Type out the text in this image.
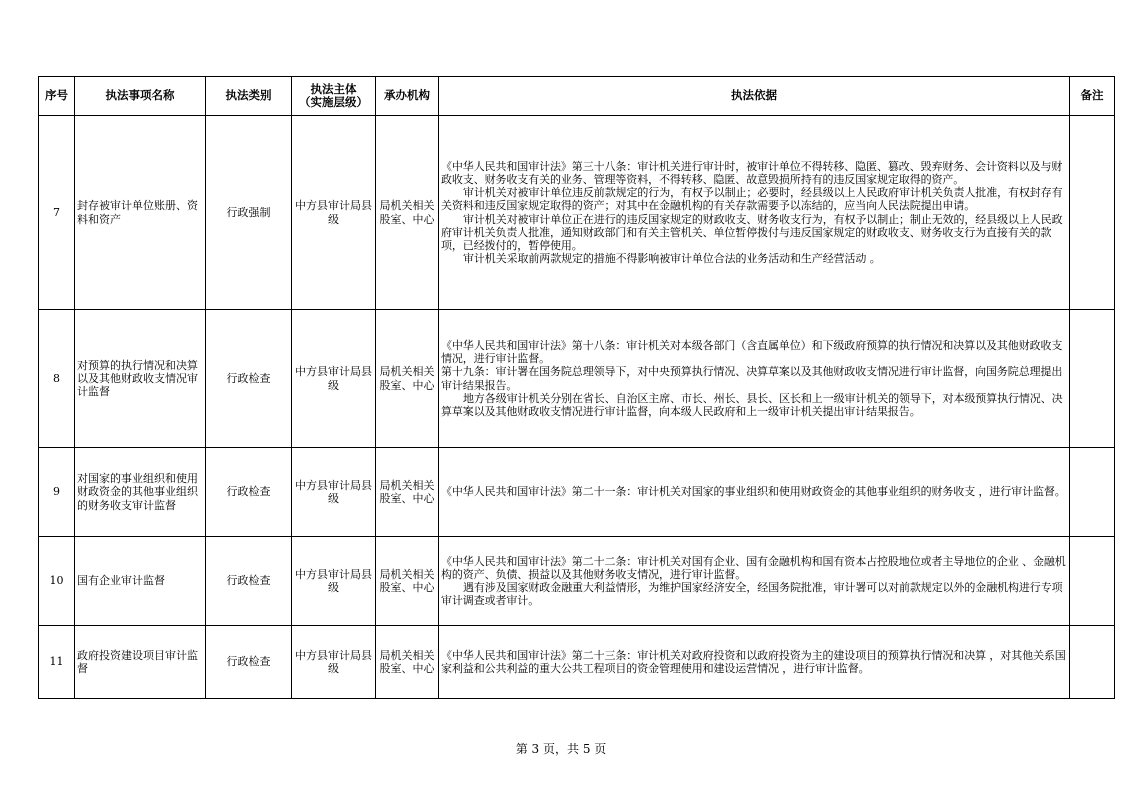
序号	执法事项名称	执法类别	执法主体
（实施层级）	承办机构	执法依据	备注
7	封存被审计单位账册、资料和资产	行政强制	中方县审计局县级	局机关相关股室、中心	《中华人民共和国审计法》第三十八条：审计机关进行审计时，被审计单位不得转移、隐匿、篡改、毁弃财务、会计资料以及与财政收支、财务收支有关的业务、管理等资料，不得转移、隐匿、故意毁损所持有的违反国家规定取得的资产。

审计机关对被审计单位违反前款规定的行为，有权予以制止；必要时，经县级以上人民政府审计机关负责人批准，有权封存有关资料和违反国家规定取得的资产；对其中在金融机构的有关存款需要予以冻结的，应当向人民法院提出申请。

审计机关对被审计单位正在进行的违反国家规定的财政收支、财务收支行为，有权予以制止；制止无效的，经县级以上人民政府审计机关负责人批准，通知财政部门和有关主管机关、单位暂停拨付与违反国家规定的财政收支、财务收支行为直接有关的款项，已经拨付的，暂停使用。

审计机关采取前两款规定的措施不得影响被审计单位合法的业务活动和生产经营活动 。	

8	对预算的执行情况和决算以及其他财政收支情况审计监督	行政检查	中方县审计局县级	局机关相关股室、中心	《中华人民共和国审计法》第十八条：审计机关对本级各部门（含直属单位）和下级政府预算的执行情况和决算以及其他财政收支情况，进行审计监督。

第十九条：审计署在国务院总理领导下，对中央预算执行情况、决算草案以及其他财政收支情况进行审计监督，向国务院总理提出审计结果报告。

地方各级审计机关分别在省长、自治区主席、市长、州长、县长、区长和上一级审计机关的领导下，对本级预算执行情况、决算草案以及其他财政收支情况进行审计监督，向本级人民政府和上一级审计机关提出审计结果报告。	

9	对国家的事业组织和使用财政资金的其他事业组织的财务收支审计监督	行政检查	中方县审计局县级	局机关相关股室、中心	《中华人民共和国审计法》第二十一条：审计机关对国家的事业组织和使用财政资金的其他事业组织的财务收支 ，进行审计监督。	

10	国有企业审计监督	行政检查	中方县审计局县级	局机关相关股室、中心	《中华人民共和国审计法》第二十二条：审计机关对国有企业、国有金融机构和国有资本占控股地位或者主导地位的企业 、金融机构的资产、负债、损益以及其他财务收支情况，进行审计监督。

遇有涉及国家财政金融重大利益情形，为维护国家经济安全，经国务院批准，审计署可以对前款规定以外的金融机构进行专项审计调查或者审计。	

11	政府投资建设项目审计监督	行政检查	中方县审计局县级	局机关相关股室、中心	《中华人民共和国审计法》第二十三条：审计机关对政府投资和以政府投资为主的建设项目的预算执行情况和决算 ，对其他关系国家利益和公共利益的重大公共工程项目的资金管理使用和建设运营情况 ，进行审计监督。	

第 3 页，共 5 页
